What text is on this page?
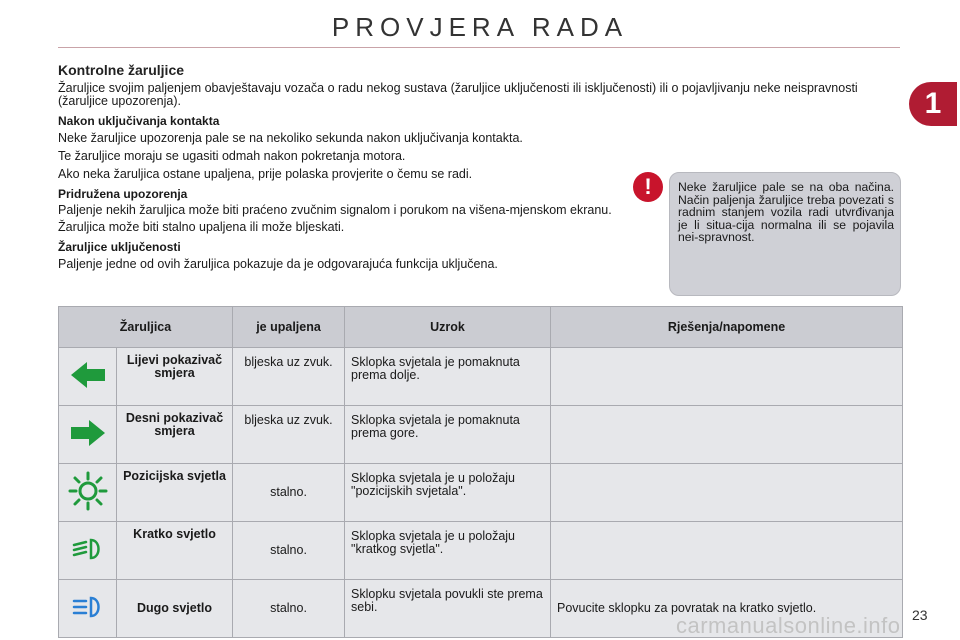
PROVJERA RADA
1
Kontrolne žaruljice
Žaruljice svojim paljenjem obavještavaju vozača o radu nekog sustava (žaruljice uključenosti ili isključenosti) ili o pojavljivanju neke neispravnosti (žaruljice upozorenja).
Nakon uključivanja kontakta
Neke žaruljice upozorenja pale se na nekoliko sekunda nakon uključivanja kontakta.
Te žaruljice moraju se ugasiti odmah nakon pokretanja motora.
Ako neka žaruljica ostane upaljena, prije polaska provjerite o čemu se radi.
Pridružena upozorenja
Paljenje nekih žaruljica može biti praćeno zvučnim signalom i porukom na višena-mjenskom ekranu.
Žaruljica može biti stalno upaljena ili može bljeskati.
Žaruljice uključenosti
Paljenje jedne od ovih žaruljica pokazuje da je odgovarajuća funkcija uključena.
!	Neke žaruljice pale se na oba načina. Način paljenja žaruljice treba povezati s radnim stanjem vozila radi utvrđivanja je li situa-cija normalna ili se pojavila nei-spravnost.
Žaruljica		je upaljena	Uzrok	Rješenja/napomene
	Lijevi pokazivač smjera	bljeska uz zvuk.	Sklopka svjetala je pomaknuta prema dolje.	
	Desni pokazivač smjera	bljeska uz zvuk.	Sklopka svjetala je pomaknuta prema gore.	
	Pozicijska svjetla	stalno.	Sklopka svjetala je u položaju "pozicijskih svjetala".	
	Kratko svjetlo	stalno.	Sklopka svjetala je u položaju "kratkog svjetla".	
	Dugo svjetlo	stalno.	Sklopku svjetala povukli ste prema sebi.	Povucite sklopku za povratak na kratko svjetlo.	23
carmanualsonline.info
